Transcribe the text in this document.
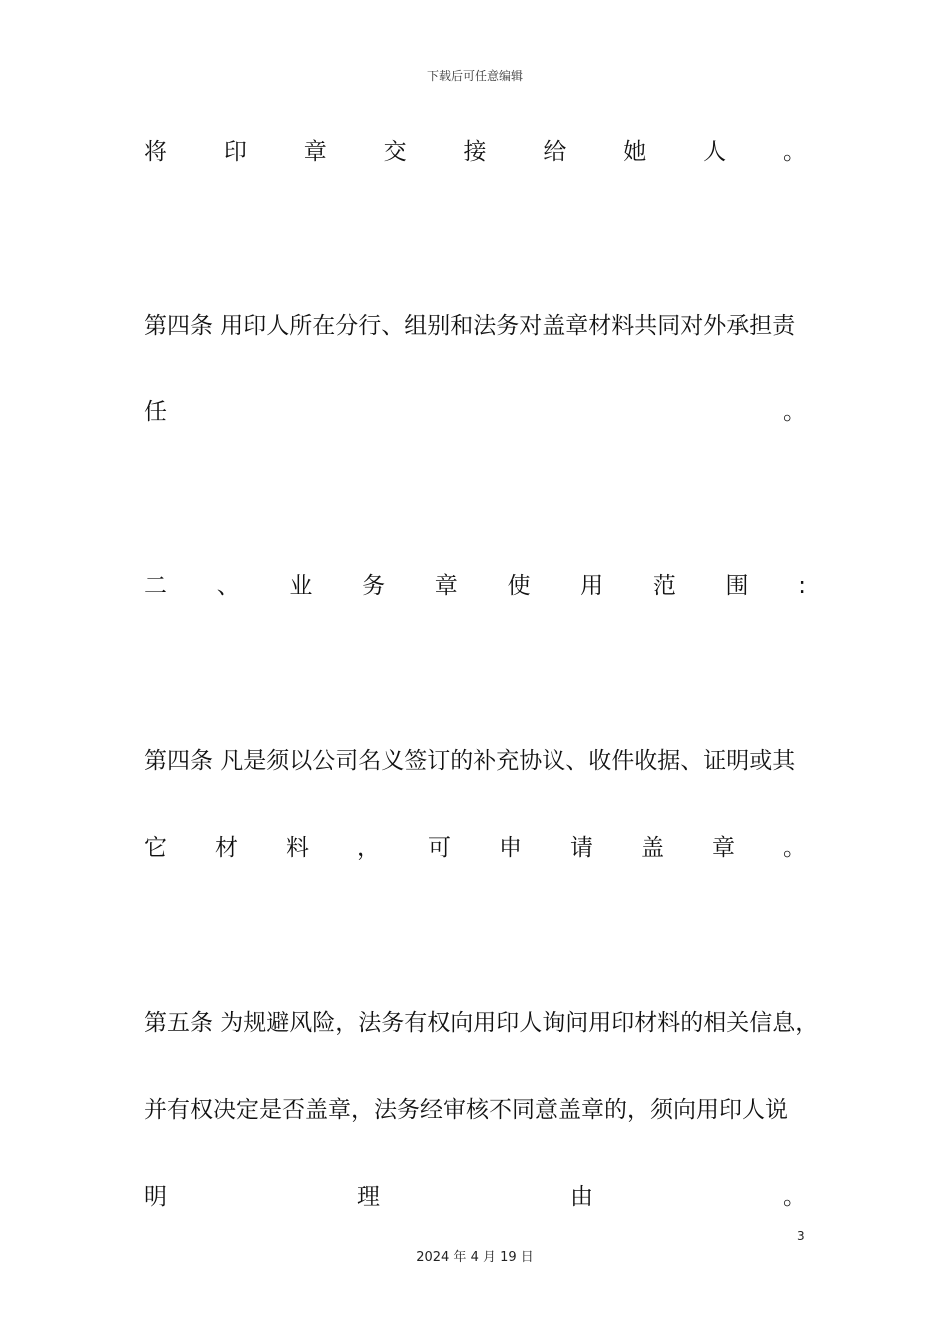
下载后可任意编辑
将 印 章 交 接 给 她 人 。
第四条 用印人所在分行、组别和法务对盖章材料共同对外承担责
任	。
二 、 业 务 章 使 用 范 围 :
第四条 凡是须以公司名义签订的补充协议、收件收据、证明或其
它 材 料 ， 可 申 请 盖 章 。
第五条 为规避风险，法务有权向用印人询问用印材料的相关信息，
并有权决定是否盖章，法务经审核不同意盖章的，须向用印人说
明	理	由	。
3
2024 年 4 月 19 日
